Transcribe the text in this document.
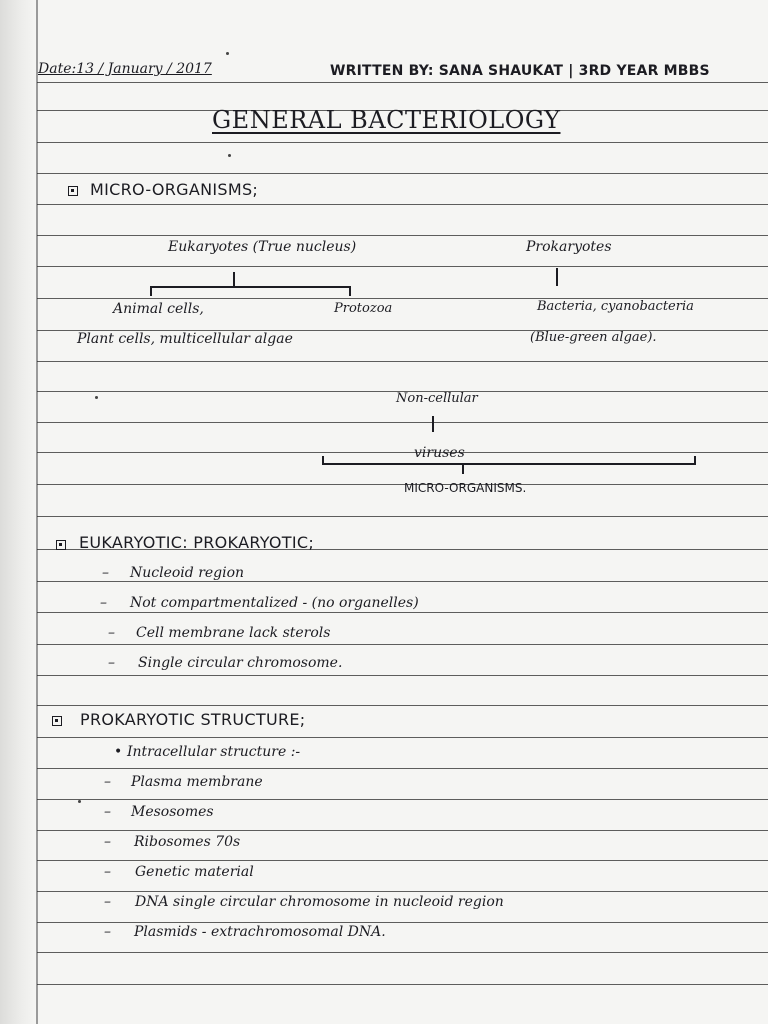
Date:13 / January / 2017	WRITTEN BY: SANA SHAUKAT | 3RD YEAR MBBS
GENERAL BACTERIOLOGY
MICRO-ORGANISMS;
Eukaryotes (True nucleus)	Prokaryotes
Animal cells,	Protozoa	Bacteria, cyanobacteria
Plant cells, multicellular algae	(Blue-green algae).
Non-cellular
viruses
MICRO-ORGANISMS.
EUKARYOTIC: PROKARYOTIC;
– Nucleoid region
– Not compartmentalized - (no organelles)
– Cell membrane lack sterols
– Single circular chromosome.
PROKARYOTIC STRUCTURE;
• Intracellular structure :-
– Plasma membrane
– Mesosomes
– Ribosomes 70s
– Genetic material
– DNA single circular chromosome in nucleoid region
– Plasmids - extrachromosomal DNA.
